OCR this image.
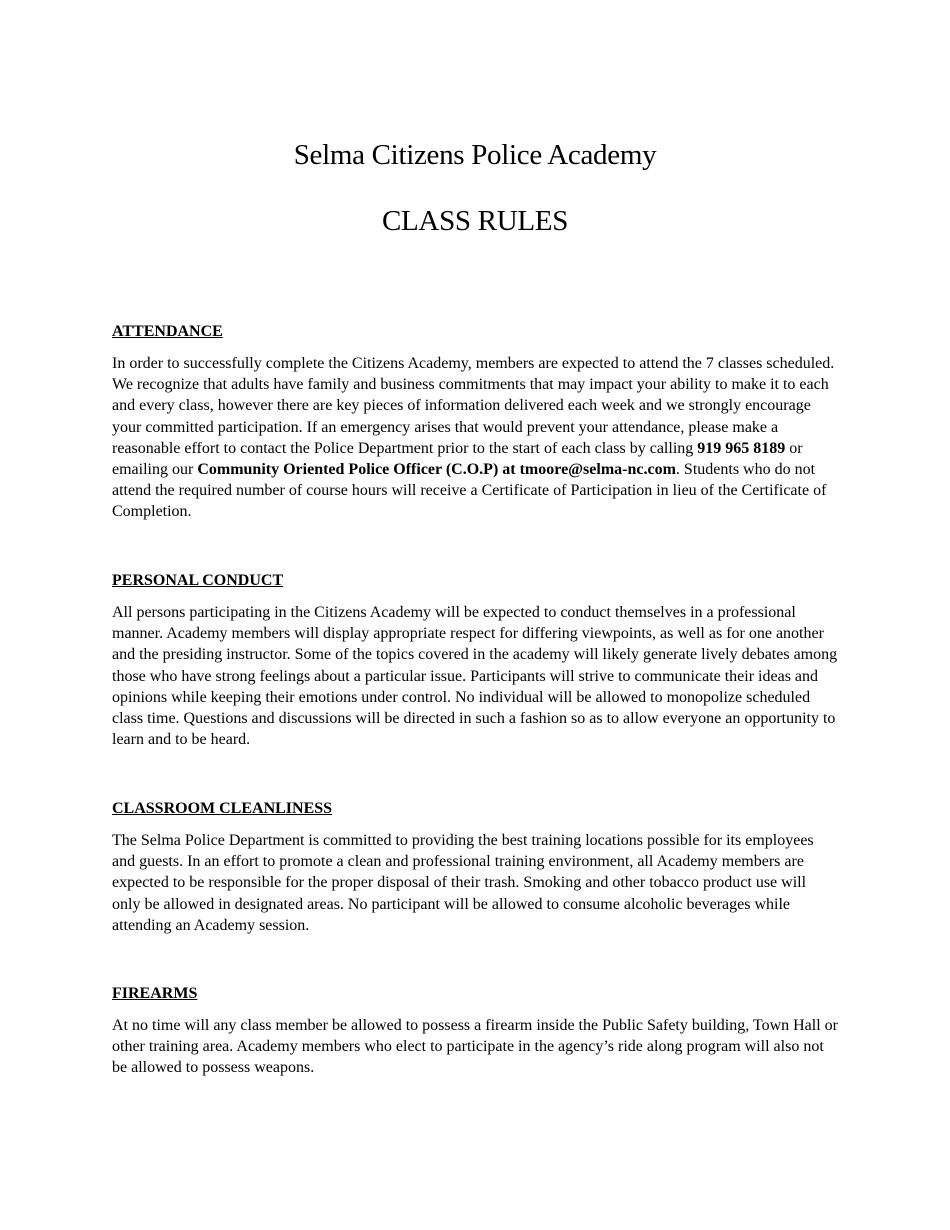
Selma Citizens Police Academy
CLASS RULES

ATTENDANCE

In order to successfully complete the Citizens Academy, members are expected to attend the 7 classes scheduled. We recognize that adults have family and business commitments that may impact your ability to make it to each and every class, however there are key pieces of information delivered each week and we strongly encourage your committed participation. If an emergency arises that would prevent your attendance, please make a reasonable effort to contact the Police Department prior to the start of each class by calling 919 965 8189 or emailing our Community Oriented Police Officer (C.O.P) at tmoore@selma-nc.com. Students who do not attend the required number of course hours will receive a Certificate of Participation in lieu of the Certificate of Completion.

PERSONAL CONDUCT

All persons participating in the Citizens Academy will be expected to conduct themselves in a professional manner. Academy members will display appropriate respect for differing viewpoints, as well as for one another and the presiding instructor. Some of the topics covered in the academy will likely generate lively debates among those who have strong feelings about a particular issue. Participants will strive to communicate their ideas and opinions while keeping their emotions under control. No individual will be allowed to monopolize scheduled class time. Questions and discussions will be directed in such a fashion so as to allow everyone an opportunity to learn and to be heard.

CLASSROOM CLEANLINESS

The Selma Police Department is committed to providing the best training locations possible for its employees and guests. In an effort to promote a clean and professional training environment, all Academy members are expected to be responsible for the proper disposal of their trash. Smoking and other tobacco product use will only be allowed in designated areas. No participant will be allowed to consume alcoholic beverages while attending an Academy session.

FIREARMS

At no time will any class member be allowed to possess a firearm inside the Public Safety building, Town Hall or other training area. Academy members who elect to participate in the agency’s ride along program will also not be allowed to possess weapons.
